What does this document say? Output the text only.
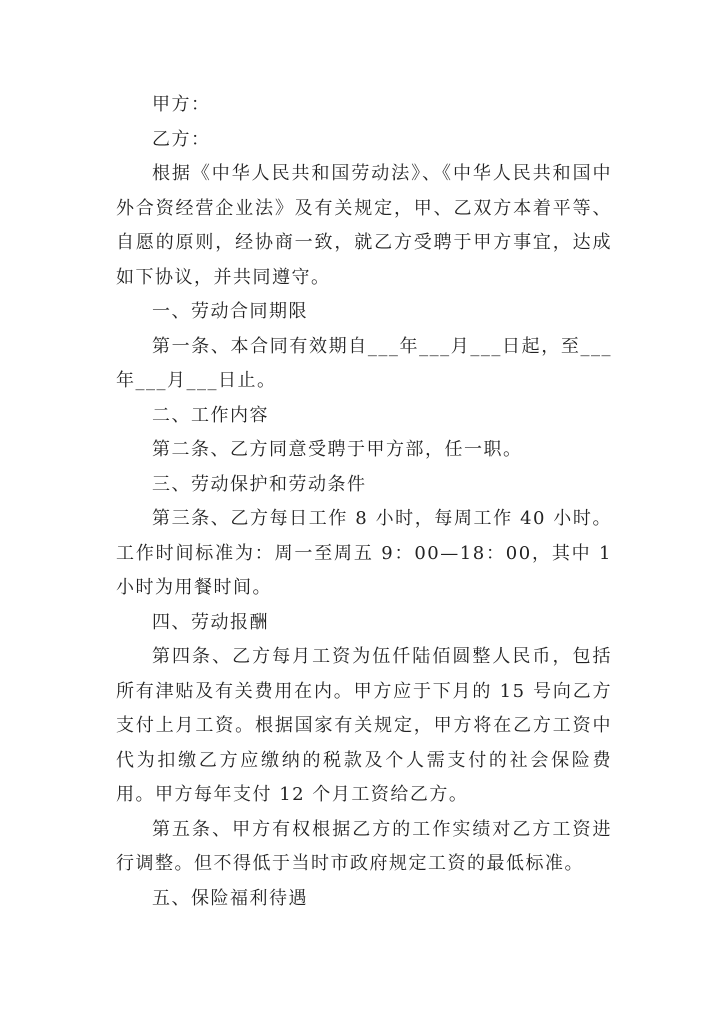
甲方：

乙方：

根据《中华人民共和国劳动法》、《中华人民共和国中外合资经营企业法》及有关规定，甲、乙双方本着平等、自愿的原则，经协商一致，就乙方受聘于甲方事宜，达成如下协议，并共同遵守。

一、劳动合同期限

第一条、本合同有效期自___年___月___日起，至___年___月___日止。

二、工作内容

第二条、乙方同意受聘于甲方部，任一职。

三、劳动保护和劳动条件

第三条、乙方每日工作 8 小时，每周工作 40 小时。工作时间标准为：周一至周五 9：00—18：00，其中 1 小时为用餐时间。

四、劳动报酬

第四条、乙方每月工资为伍仟陆佰圆整人民币，包括所有津贴及有关费用在内。甲方应于下月的 15 号向乙方支付上月工资。根据国家有关规定，甲方将在乙方工资中代为扣缴乙方应缴纳的税款及个人需支付的社会保险费用。甲方每年支付 12 个月工资给乙方。

第五条、甲方有权根据乙方的工作实绩对乙方工资进行调整。但不得低于当时市政府规定工资的最低标准。

五、保险福利待遇
